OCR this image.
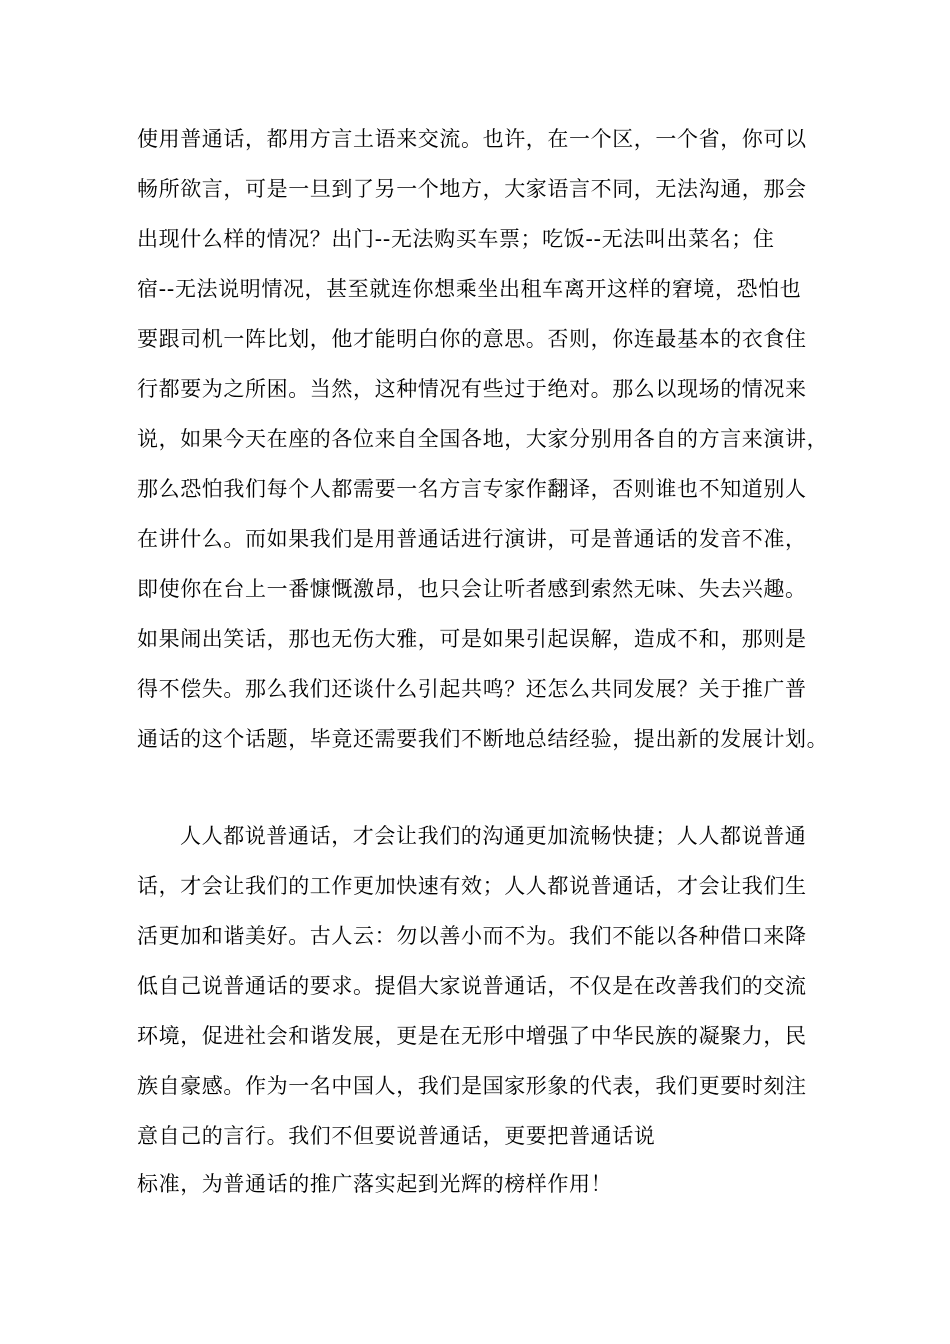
使用普通话，都用方言土语来交流。也许，在一个区，一个省，你可以

畅所欲言，可是一旦到了另一个地方，大家语言不同，无法沟通，那会

出现什么样的情况？出门--无法购买车票；吃饭--无法叫出菜名；住

宿--无法说明情况，甚至就连你想乘坐出租车离开这样的窘境，恐怕也

要跟司机一阵比划，他才能明白你的意思。否则，你连最基本的衣食住

行都要为之所困。当然，这种情况有些过于绝对。那么以现场的情况来

说，如果今天在座的各位来自全国各地，大家分别用各自的方言来演讲，

那么恐怕我们每个人都需要一名方言专家作翻译，否则谁也不知道别人

在讲什么。而如果我们是用普通话进行演讲，可是普通话的发音不准，

即使你在台上一番慷慨激昂，也只会让听者感到索然无味、失去兴趣。

如果闹出笑话，那也无伤大雅，可是如果引起误解，造成不和，那则是

得不偿失。那么我们还谈什么引起共鸣？还怎么共同发展？关于推广普

通话的这个话题，毕竟还需要我们不断地总结经验，提出新的发展计划。

人人都说普通话，才会让我们的沟通更加流畅快捷；人人都说普通

话，才会让我们的工作更加快速有效；人人都说普通话，才会让我们生

活更加和谐美好。古人云：勿以善小而不为。我们不能以各种借口来降

低自己说普通话的要求。提倡大家说普通话，不仅是在改善我们的交流

环境，促进社会和谐发展，更是在无形中增强了中华民族的凝聚力，民

族自豪感。作为一名中国人，我们是国家形象的代表，我们更要时刻注

意自己的言行。我们不但要说普通话，更要把普通话说

标准，为普通话的推广落实起到光辉的榜样作用！
